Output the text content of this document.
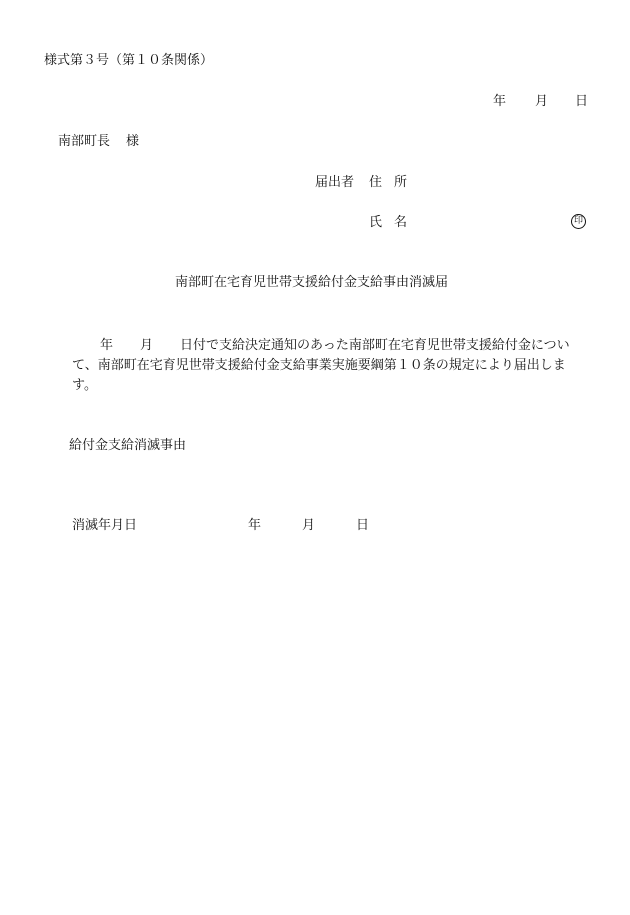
様式第３号（第１０条関係）
年 月 日
南部町長 様
届出者 住 所
氏 名	印
南部町在宅育児世帯支援給付金支給事由消滅届
年 月 日付で支給決定通知のあった南部町在宅育児世帯支援給付金につい
て、南部町在宅育児世帯支援給付金支給事業実施要綱第１０条の規定により届出しま
す。
給付金支給消滅事由
消滅年月日	年	月	日
